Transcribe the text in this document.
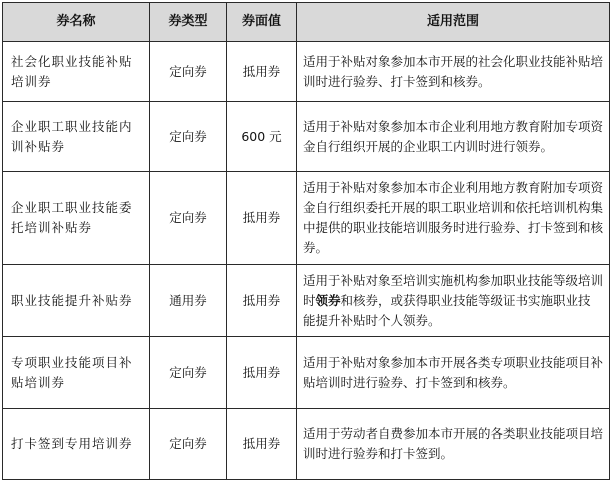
券名称	券类型	券面值	适用范围
社会化职业技能补贴培训券	定向券	抵用券	适用于补贴对象参加本市开展的社会化职业技能补贴培训时进行验券、打卡签到和核券。
企业职工职业技能内训补贴券	定向券	600 元	适用于补贴对象参加本市企业利用地方教育附加专项资金自行组织开展的企业职工内训时进行领券。
企业职工职业技能委托培训补贴券	定向券	抵用券	适用于补贴对象参加本市企业利用地方教育附加专项资金自行组织委托开展的职工职业培训和依托培训机构集中提供的职业技能培训服务时进行验券、打卡签到和核券。
职业技能提升补贴券	通用券	抵用券	适用于补贴对象至培训实施机构参加职业技能等级培训时领券和核券，或获得职业技能等级证书实施职业技能提升补贴时个人领券。
专项职业技能项目补贴培训券	定向券	抵用券	适用于补贴对象参加本市开展各类专项职业技能项目补贴培训时进行验券、打卡签到和核券。
打卡签到专用培训券	定向券	抵用券	适用于劳动者自费参加本市开展的各类职业技能项目培训时进行验券和打卡签到。
